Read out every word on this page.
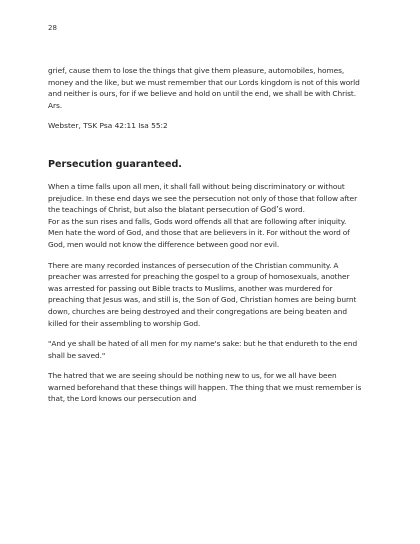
28

grief, cause them to lose the things that give them pleasure, automobiles, homes, money and the like, but we must remember that our Lords kingdom is not of this world and neither is ours, for if we believe and hold on until the end, we shall be with Christ. Ars.

Webster, TSK Psa 42:11 Isa 55:2

Persecution guaranteed.

When a time falls upon all men, it shall fall without being discriminatory or without prejudice. In these end days we see the persecution not only of those that follow after the teachings of Christ, but also the blatant persecution of God’s word.

For as the sun rises and falls, Gods word offends all that are following after iniquity. Men hate the word of God, and those that are believers in it. For without the word of God, men would not know the difference between good nor evil.

There are many recorded instances of persecution of the Christian community. A preacher was arrested for preaching the gospel to a group of homosexuals, another was arrested for passing out Bible tracts to Muslims, another was murdered for preaching that Jesus was, and still is, the Son of God, Christian homes are being burnt down, churches are being destroyed and their congregations are being beaten and killed for their assembling to worship God.

"And ye shall be hated of all men for my name's sake: but he that endureth to the end shall be saved."

The hatred that we are seeing should be nothing new to us, for we all have been warned beforehand that these things will happen. The thing that we must remember is that, the Lord knows our persecution and
